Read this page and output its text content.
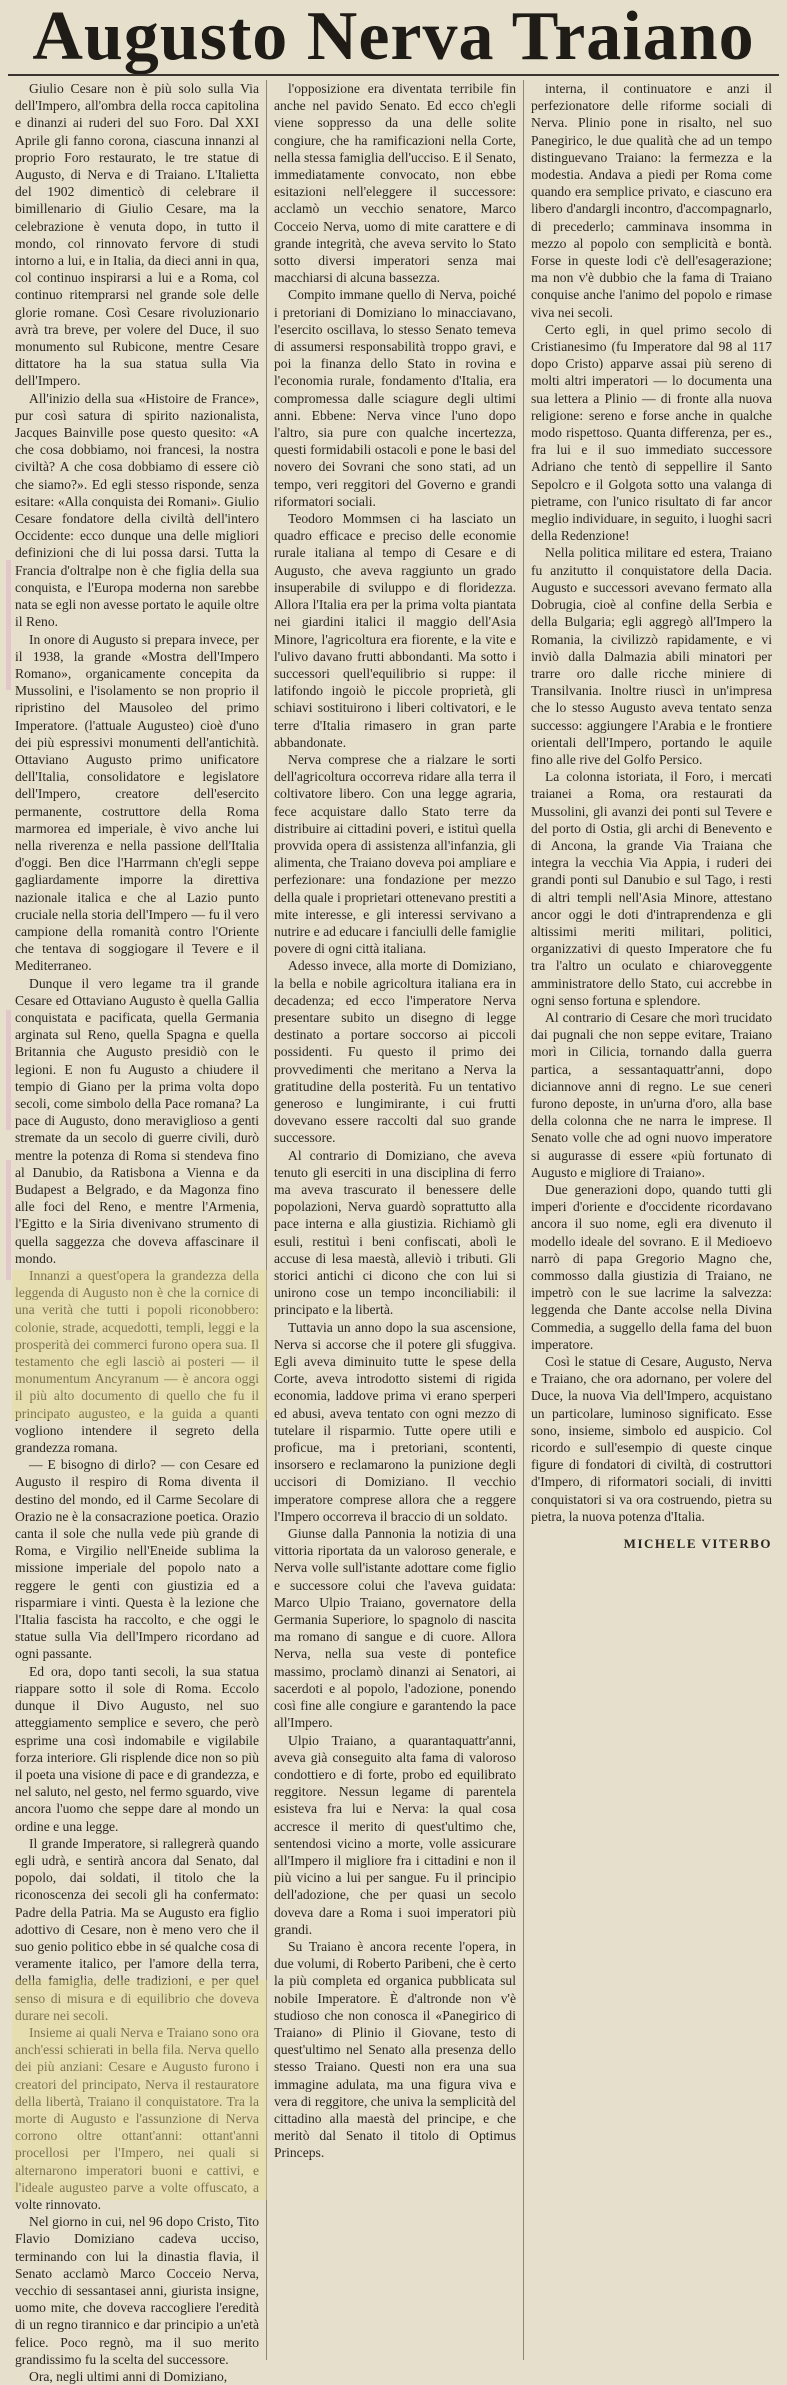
Augusto Nerva Traiano

Giulio Cesare non è più solo sulla Via dell'Impero, all'ombra della rocca capitolina e dinanzi ai ruderi del suo Foro. Dal XXI Aprile gli fanno corona, ciascuna innanzi al proprio Foro restaurato, le tre statue di Augusto, di Nerva e di Traiano. L'Italietta del 1902 dimenticò di celebrare il bimillenario di Giulio Cesare, ma la celebrazione è venuta dopo, in tutto il mondo, col rinnovato fervore di studi intorno a lui, e in Italia, da dieci anni in qua, col continuo inspirarsi a lui e a Roma, col continuo ritemprarsi nel grande sole delle glorie romane. Così Cesare rivoluzionario avrà tra breve, per volere del Duce, il suo monumento sul Rubicone, mentre Cesare dittatore ha la sua statua sulla Via dell'Impero.

All'inizio della sua «Histoire de France», pur così satura di spirito nazionalista, Jacques Bainville pose questo quesito: «A che cosa dobbiamo, noi francesi, la nostra civiltà? A che cosa dobbiamo di essere ciò che siamo?». Ed egli stesso risponde, senza esitare: «Alla conquista dei Romani». Giulio Cesare fondatore della civiltà dell'intero Occidente: ecco dunque una delle migliori definizioni che di lui possa darsi. Tutta la Francia d'oltralpe non è che figlia della sua conquista, e l'Europa moderna non sarebbe nata se egli non avesse portato le aquile oltre il Reno.

In onore di Augusto si prepara invece, per il 1938, la grande «Mostra dell'Impero Romano», organicamente concepita da Mussolini, e l'isolamento se non proprio il ripristino del Mausoleo del primo Imperatore. (l'attuale Augusteo) cioè d'uno dei più espressivi monumenti dell'antichità. Ottaviano Augusto primo unificatore dell'Italia, consolidatore e legislatore dell'Impero, creatore dell'esercito permanente, costruttore della Roma marmorea ed imperiale, è vivo anche lui nella riverenza e nella passione dell'Italia d'oggi. Ben dice l'Harrmann ch'egli seppe gagliardamente imporre la direttiva nazionale italica e che al Lazio punto cruciale nella storia dell'Impero — fu il vero campione della romanità contro l'Oriente che tentava di soggiogare il Tevere e il Mediterraneo.

Dunque il vero legame tra il grande Cesare ed Ottaviano Augusto è quella Gallia conquistata e pacificata, quella Germania arginata sul Reno, quella Spagna e quella Britannia che Augusto presidiò con le legioni. E non fu Augusto a chiudere il tempio di Giano per la prima volta dopo secoli, come simbolo della Pace romana? La pace di Augusto, dono meraviglioso a genti stremate da un secolo di guerre civili, durò mentre la potenza di Roma si stendeva fino al Danubio, da Ratisbona a Vienna e da Budapest a Belgrado, e da Magonza fino alle foci del Reno, e mentre l'Armenia, l'Egitto e la Siria divenivano strumento di quella saggezza che doveva affascinare il mondo.

Innanzi a quest'opera la grandezza della leggenda di Augusto non è che la cornice di una verità che tutti i popoli riconobbero: colonie, strade, acquedotti, templi, leggi e la prosperità dei commerci furono opera sua. Il testamento che egli lasciò ai posteri — il monumentum Ancyranum — è ancora oggi il più alto documento di quello che fu il principato augusteo, e la guida a quanti vogliono intendere il segreto della grandezza romana.

— E bisogno di dirlo? — con Cesare ed Augusto il respiro di Roma diventa il destino del mondo, ed il Carme Secolare di Orazio ne è la consacrazione poetica. Orazio canta il sole che nulla vede più grande di Roma, e Virgilio nell'Eneide sublima la missione imperiale del popolo nato a reggere le genti con giustizia ed a risparmiare i vinti. Questa è la lezione che l'Italia fascista ha raccolto, e che oggi le statue sulla Via dell'Impero ricordano ad ogni passante.

Ed ora, dopo tanti secoli, la sua statua riappare sotto il sole di Roma. Eccolo dunque il Divo Augusto, nel suo atteggiamento semplice e severo, che però esprime una così indomabile e vigilabile forza interiore. Gli risplende dice non so più il poeta una visione di pace e di grandezza, e nel saluto, nel gesto, nel fermo sguardo, vive ancora l'uomo che seppe dare al mondo un ordine e una legge.

Il grande Imperatore, si rallegrerà quando egli udrà, e sentirà ancora dal Senato, dal popolo, dai soldati, il titolo che la riconoscenza dei secoli gli ha confermato: Padre della Patria. Ma se Augusto era figlio adottivo di Cesare, non è meno vero che il suo genio politico ebbe in sé qualche cosa di veramente italico, per l'amore della terra, della famiglia, delle tradizioni, e per quel senso di misura e di equilibrio che doveva durare nei secoli.

Insieme ai quali Nerva e Traiano sono ora anch'essi schierati in bella fila. Nerva quello dei più anziani: Cesare e Augusto furono i creatori del principato, Nerva il restauratore della libertà, Traiano il conquistatore. Tra la morte di Augusto e l'assunzione di Nerva corrono oltre ottant'anni: ottant'anni procellosi per l'Impero, nei quali si alternarono imperatori buoni e cattivi, e l'ideale augusteo parve a volte offuscato, a volte rinnovato.

Nel giorno in cui, nel 96 dopo Cristo, Tito Flavio Domiziano cadeva ucciso, terminando con lui la dinastia flavia, il Senato acclamò Marco Cocceio Nerva, vecchio di sessantasei anni, giurista insigne, uomo mite, che doveva raccogliere l'eredità di un regno tirannico e dar principio a un'età felice. Poco regnò, ma il suo merito grandissimo fu la scelta del successore.

Ora, negli ultimi anni di Domiziano,

l'opposizione era diventata terribile fin anche nel pavido Senato. Ed ecco ch'egli viene soppresso da una delle solite congiure, che ha ramificazioni nella Corte, nella stessa famiglia dell'ucciso. E il Senato, immediatamente convocato, non ebbe esitazioni nell'eleggere il successore: acclamò un vecchio senatore, Marco Cocceio Nerva, uomo di mite carattere e di grande integrità, che aveva servito lo Stato sotto diversi imperatori senza mai macchiarsi di alcuna bassezza.

Compito immane quello di Nerva, poiché i pretoriani di Domiziano lo minacciavano, l'esercito oscillava, lo stesso Senato temeva di assumersi responsabilità troppo gravi, e poi la finanza dello Stato in rovina e l'economia rurale, fondamento d'Italia, era compromessa dalle sciagure degli ultimi anni. Ebbene: Nerva vince l'uno dopo l'altro, sia pure con qualche incertezza, questi formidabili ostacoli e pone le basi del novero dei Sovrani che sono stati, ad un tempo, veri reggitori del Governo e grandi riformatori sociali.

Teodoro Mommsen ci ha lasciato un quadro efficace e preciso delle economie rurale italiana al tempo di Cesare e di Augusto, che aveva raggiunto un grado insuperabile di sviluppo e di floridezza. Allora l'Italia era per la prima volta piantata nei giardini italici il maggio dell'Asia Minore, l'agricoltura era fiorente, e la vite e l'ulivo davano frutti abbondanti. Ma sotto i successori quell'equilibrio si ruppe: il latifondo ingoiò le piccole proprietà, gli schiavi sostituirono i liberi coltivatori, e le terre d'Italia rimasero in gran parte abbandonate.

Nerva comprese che a rialzare le sorti dell'agricoltura occorreva ridare alla terra il coltivatore libero. Con una legge agraria, fece acquistare dallo Stato terre da distribuire ai cittadini poveri, e istituì quella provvida opera di assistenza all'infanzia, gli alimenta, che Traiano doveva poi ampliare e perfezionare: una fondazione per mezzo della quale i proprietari ottenevano prestiti a mite interesse, e gli interessi servivano a nutrire e ad educare i fanciulli delle famiglie povere di ogni città italiana.

Adesso invece, alla morte di Domiziano, la bella e nobile agricoltura italiana era in decadenza; ed ecco l'imperatore Nerva presentare subito un disegno di legge destinato a portare soccorso ai piccoli possidenti. Fu questo il primo dei provvedimenti che meritano a Nerva la gratitudine della posterità. Fu un tentativo generoso e lungimirante, i cui frutti dovevano essere raccolti dal suo grande successore.

Al contrario di Domiziano, che aveva tenuto gli eserciti in una disciplina di ferro ma aveva trascurato il benessere delle popolazioni, Nerva guardò soprattutto alla pace interna e alla giustizia. Richiamò gli esuli, restituì i beni confiscati, abolì le accuse di lesa maestà, alleviò i tributi. Gli storici antichi ci dicono che con lui si unirono cose un tempo inconciliabili: il principato e la libertà.

Tuttavia un anno dopo la sua ascensione, Nerva si accorse che il potere gli sfuggiva. Egli aveva diminuito tutte le spese della Corte, aveva introdotto sistemi di rigida economia, laddove prima vi erano sperperi ed abusi, aveva tentato con ogni mezzo di tutelare il risparmio. Tutte opere utili e proficue, ma i pretoriani, scontenti, insorsero e reclamarono la punizione degli uccisori di Domiziano. Il vecchio imperatore comprese allora che a reggere l'Impero occorreva il braccio di un soldato.

Giunse dalla Pannonia la notizia di una vittoria riportata da un valoroso generale, e Nerva volle sull'istante adottare come figlio e successore colui che l'aveva guidata: Marco Ulpio Traiano, governatore della Germania Superiore, lo spagnolo di nascita ma romano di sangue e di cuore. Allora Nerva, nella sua veste di pontefice massimo, proclamò dinanzi ai Senatori, ai sacerdoti e al popolo, l'adozione, ponendo così fine alle congiure e garantendo la pace all'Impero.

Ulpio Traiano, a quarantaquattr'anni, aveva già conseguito alta fama di valoroso condottiero e di forte, probo ed equilibrato reggitore. Nessun legame di parentela esisteva fra lui e Nerva: la qual cosa accresce il merito di quest'ultimo che, sentendosi vicino a morte, volle assicurare all'Impero il migliore fra i cittadini e non il più vicino a lui per sangue. Fu il principio dell'adozione, che per quasi un secolo doveva dare a Roma i suoi imperatori più grandi.

Su Traiano è ancora recente l'opera, in due volumi, di Roberto Paribeni, che è certo la più completa ed organica pubblicata sul nobile Imperatore. È d'altronde non v'è studioso che non conosca il «Panegirico di Traiano» di Plinio il Giovane, testo di quest'ultimo nel Senato alla presenza dello stesso Traiano. Questi non era una sua immagine adulata, ma una figura viva e vera di reggitore, che univa la semplicità del cittadino alla maestà del principe, e che meritò dal Senato il titolo di Optimus Princeps.

interna, il continuatore e anzi il perfezionatore delle riforme sociali di Nerva. Plinio pone in risalto, nel suo Panegirico, le due qualità che ad un tempo distinguevano Traiano: la fermezza e la modestia. Andava a piedi per Roma come quando era semplice privato, e ciascuno era libero d'andargli incontro, d'accompagnarlo, di precederlo; camminava insomma in mezzo al popolo con semplicità e bontà. Forse in queste lodi c'è dell'esagerazione; ma non v'è dubbio che la fama di Traiano conquise anche l'animo del popolo e rimase viva nei secoli.

Certo egli, in quel primo secolo di Cristianesimo (fu Imperatore dal 98 al 117 dopo Cristo) apparve assai più sereno di molti altri imperatori — lo documenta una sua lettera a Plinio — di fronte alla nuova religione: sereno e forse anche in qualche modo rispettoso. Quanta differenza, per es., fra lui e il suo immediato successore Adriano che tentò di seppellire il Santo Sepolcro e il Golgota sotto una valanga di pietrame, con l'unico risultato di far ancor meglio individuare, in seguito, i luoghi sacri della Redenzione!

Nella politica militare ed estera, Traiano fu anzitutto il conquistatore della Dacia. Augusto e successori avevano fermato alla Dobrugia, cioè al confine della Serbia e della Bulgaria; egli aggregò all'Impero la Romania, la civilizzò rapidamente, e vi inviò dalla Dalmazia abili minatori per trarre oro dalle ricche miniere di Transilvania. Inoltre riuscì in un'impresa che lo stesso Augusto aveva tentato senza successo: aggiungere l'Arabia e le frontiere orientali dell'Impero, portando le aquile fino alle rive del Golfo Persico.

La colonna istoriata, il Foro, i mercati traianei a Roma, ora restaurati da Mussolini, gli avanzi dei ponti sul Tevere e del porto di Ostia, gli archi di Benevento e di Ancona, la grande Via Traiana che integra la vecchia Via Appia, i ruderi dei grandi ponti sul Danubio e sul Tago, i resti di altri templi nell'Asia Minore, attestano ancor oggi le doti d'intraprendenza e gli altissimi meriti militari, politici, organizzativi di questo Imperatore che fu tra l'altro un oculato e chiaroveggente amministratore dello Stato, cui accrebbe in ogni senso fortuna e splendore.

Al contrario di Cesare che morì trucidato dai pugnali che non seppe evitare, Traiano morì in Cilicia, tornando dalla guerra partica, a sessantaquattr'anni, dopo diciannove anni di regno. Le sue ceneri furono deposte, in un'urna d'oro, alla base della colonna che ne narra le imprese. Il Senato volle che ad ogni nuovo imperatore si augurasse di essere «più fortunato di Augusto e migliore di Traiano».

Due generazioni dopo, quando tutti gli imperi d'oriente e d'occidente ricordavano ancora il suo nome, egli era divenuto il modello ideale del sovrano. E il Medioevo narrò di papa Gregorio Magno che, commosso dalla giustizia di Traiano, ne impetrò con le sue lacrime la salvezza: leggenda che Dante accolse nella Divina Commedia, a suggello della fama del buon imperatore.

Così le statue di Cesare, Augusto, Nerva e Traiano, che ora adornano, per volere del Duce, la nuova Via dell'Impero, acquistano un particolare, luminoso significato. Esse sono, insieme, simbolo ed auspicio. Col ricordo e sull'esempio di queste cinque figure di fondatori di civiltà, di costruttori d'Impero, di riformatori sociali, di invitti conquistatori si va ora costruendo, pietra su pietra, la nuova potenza d'Italia.

MICHELE VITERBO
